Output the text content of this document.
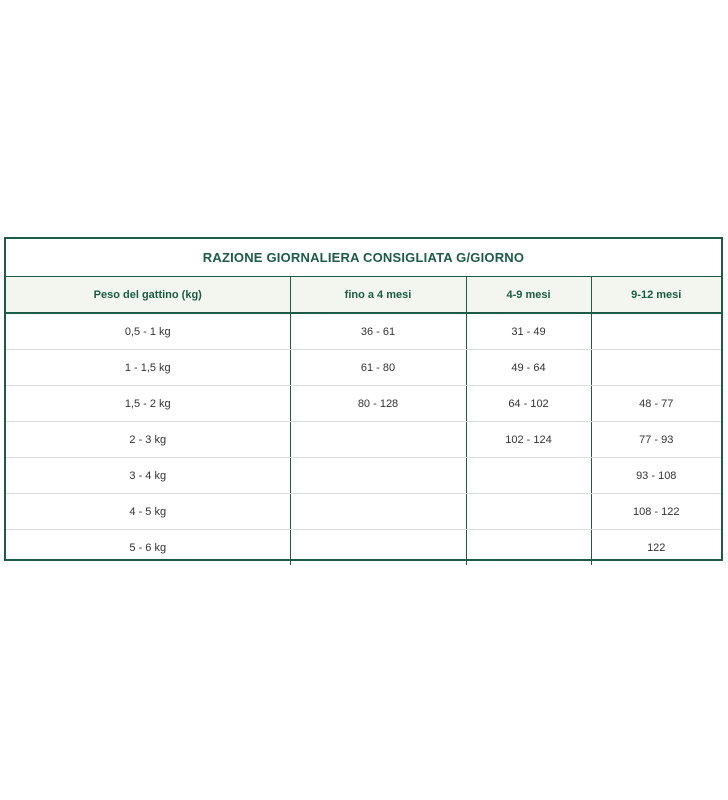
RAZIONE GIORNALIERA CONSIGLIATA G/GIORNO
Peso del gattino (kg)	fino a 4 mesi	4-9 mesi	9-12 mesi
0,5 - 1 kg	36 - 61	31 - 49	
1 - 1,5 kg	61 - 80	49 - 64	
1,5 - 2 kg	80 - 128	64 - 102	48 - 77
2 - 3 kg		102 - 124	77 - 93
3 - 4 kg			93 - 108
4 - 5 kg			108 - 122
5 - 6 kg			122
